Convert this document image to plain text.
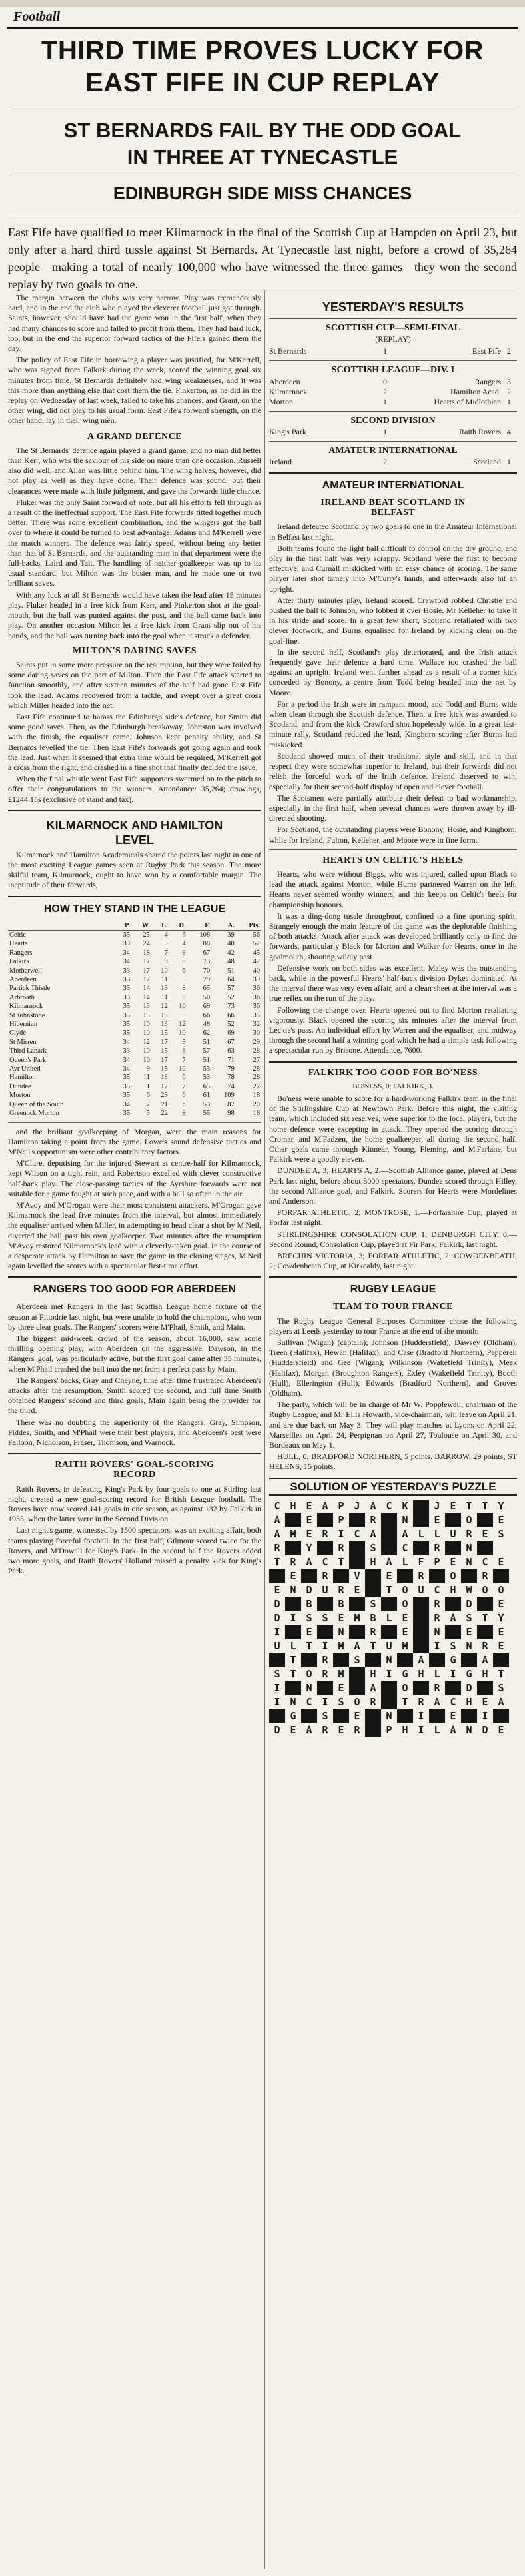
Football
THIRD TIME PROVES LUCKY FOR
EAST FIFE IN CUP REPLAY
ST BERNARDS FAIL BY THE ODD GOAL
IN THREE AT TYNECASTLE
EDINBURGH SIDE MISS CHANCES
East Fife have qualified to meet Kilmarnock in the final of the Scottish Cup at Hampden on April 23, but only after a hard third tussle against St Bernards. At Tynecastle last night, before a crowd of 35,264 people—making a total of nearly 100,000 who have witnessed the three games—they won the second replay by two goals to one.

The margin between the clubs was very narrow. Play was tremendously hard, and in the end the club who played the cleverer football just got through. Saints, however, should have had the game won in the first half, when they had many chances to score and failed to profit from them. They had hard luck, too, but in the end the superior forward tactics of the Fifers gained them the day.

The policy of East Fife in borrowing a player was justified, for M'Kerrell, who was signed from Falkirk during the week, scored the winning goal six minutes from time. St Bernards definitely had wing weaknesses, and it was this more than anything else that cost them the tie. Finkerton, as he did in the replay on Wednesday of last week, failed to take his chances, and Grant, on the other wing, did not play to his usual form. East Fife's forward strength, on the other hand, lay in their wing men.

A GRAND DEFENCE

The St Bernards' defence again played a grand game, and no man did better than Kerr, who was the saviour of his side on more than one occasion. Russell also did well, and Allan was little behind him. The wing halves, however, did not play as well as they have done. Their defence was sound, but their clearances were made with little judgment, and gave the forwards little chance.

Fluker was the only Saint forward of note, but all his efforts fell through as a result of the ineffectual support. The East Fife forwards fitted together much better. There was some excellent combination, and the wingers got the ball over to where it could be turned to best advantage. Adams and M'Kerrell were the match winners. The defence was fairly speed, without being any better than that of St Bernards, and the outstanding man in that department were the full-backs, Laird and Tait. The handling of neither goalkeeper was up to its usual standard, but Milton was the busier man, and he made one or two brilliant saves.

With any luck at all St Bernards would have taken the lead after 15 minutes play. Fluker headed in a free kick from Kerr, and Pinkerton shot at the goal-mouth, but the ball was punted against the post, and the ball came back into play. On another occasion Milton let a free kick from Grant slip out of his hands, and the ball was turning back into the goal when it struck a defender.

MILTON'S DARING SAVES

Saints put in some more pressure on the resumption, but they were foiled by some daring saves on the part of Milton. Then the East Fife attack started to function smoothly, and after sixteen minutes of the half had gone East Fife took the lead. Adams recovered from a tackle, and swept over a great cross which Miller headed into the net.

East Fife continued to harass the Edinburgh side's defence, but Smith did some good saves. Then, as the Edinburgh breakaway, Johnston was involved with the finish, the equaliser came. Johnson kept penalty ability, and St Bernards levelled the tie. Then East Fife's forwards got going again and took the lead. Just when it seemed that extra time would be required, M'Kerrell got a cross from the right, and crashed in a fine shot that finally decided the issue.

When the final whistle went East Fife supporters swarmed on to the pitch to offer their congratulations to the winners. Attendance: 35,264; drawings, £1244 15s (exclusive of stand and tax).

KILMARNOCK AND HAMILTON
LEVEL

Kilmarnock and Hamilton Academicals shared the points last night in one of the most exciting League games seen at Rugby Park this season. The more skilful team, Kilmarnock, ought to have won by a comfortable margin. The ineptitude of their forwards,

HOW THEY STAND IN THE LEAGUE
	P.	W.	L.	D.	F.	A.	Pts.
Celtic	35	25	4	6	108	39	56
Hearts	33	24	5	4	88	40	52
Rangers	34	18	7	9	67	42	45
Falkirk	34	17	9	8	73	48	42
Motherwell	33	17	10	6	70	51	40
Aberdeen	33	17	11	5	79	64	39
Partick Thistle	35	14	13	8	65	57	36
Arbroath	33	14	11	8	50	52	36
Kilmarnock	35	13	12	10	69	73	36
St Johnstone	35	15	15	5	66	66	35
Hibernian	35	10	13	12	48	52	32
Clyde	35	10	15	10	62	69	30
St Mirren	34	12	17	5	51	67	29
Third Lanark	33	10	15	8	57	63	28
Queen's Park	34	10	17	7	51	71	27
Ayr United	34	9	15	10	53	79	28
Hamilton	35	11	18	6	53	78	28
Dundee	35	11	17	7	65	74	27
Morton	35	6	23	6	61	109	18
Queen of the South	34	7	21	6	53	87	20
Greenock Morton	35	5	22	8	55	98	18

and the brilliant goalkeeping of Morgan, were the main reasons for Hamilton taking a point from the game. Lowe's sound defensive tactics and M'Neil's opportunism were other contributory factors.

M'Clure, deputising for the injured Stewart at centre-half for Kilmarnock, kept Wilson on a tight rein, and Robertson excelled with clever constructive half-back play. The close-passing tactics of the Ayrshire forwards were not suitable for a game fought at such pace, and with a ball so often in the air.

M'Avoy and M'Grogan were their most consistent attackers. M'Grogan gave Kilmarnock the lead five minutes from the interval, but almost immediately the equaliser arrived when Miller, in attempting to head clear a shot by M'Neil, diverted the ball past his own goalkeeper. Two minutes after the resumption M'Avoy restored Kilmarnock's lead with a cleverly-taken goal. In the course of a desperate attack by Hamilton to save the game in the closing stages, M'Neil again levelled the scores with a spectacular first-time effort.

RANGERS TOO GOOD FOR ABERDEEN

Aberdeen met Rangers in the last Scottish League home fixture of the season at Pittodrie last night, but were unable to hold the champions, who won by three clear goals. The Rangers' scorers were M'Phail, Smith, and Main.

The biggest mid-week crowd of the season, about 16,000, saw some thrilling opening play, with Aberdeen on the aggressive. Dawson, in the Rangers' goal, was particularly active, but the first goal came after 35 minutes, when M'Phail crashed the ball into the net from a perfect pass by Main.

The Rangers' backs, Gray and Cheyne, time after time frustrated Aberdeen's attacks after the resumption. Smith scored the second, and full time Smith obtained Rangers' second and third goals, Main again being the provider for the third.

There was no doubting the superiority of the Rangers. Gray, Simpson, Fiddes, Smith, and M'Phail were their best players, and Aberdeen's best were Falloon, Nicholson, Fraser, Thomson, and Warnock.

RAITH ROVERS' GOAL-SCORING
RECORD

Raith Rovers, in defeating King's Park by four goals to one at Stirling last night, created a new goal-scoring record for British League football. The Rovers have now scored 141 goals in one season, as against 132 by Falkirk in 1935, when the latter were in the Second Division.

Last night's game, witnessed by 1500 spectators, was an exciting affair, both teams playing forceful football. In the first half, Gilmour scored twice for the Rovers, and M'Dowall for King's Park. In the second half the Rovers added two more goals, and Raith Rovers' Holland missed a penalty kick for King's Park.

YESTERDAY'S RESULTS
SCOTTISH CUP—SEMI-FINAL
(REPLAY)
St Bernards	1	East Fife 2
SCOTTISH LEAGUE—DIV. I
Aberdeen	0	Rangers 3
Kilmarnock	2	Hamilton Acad. 2
Morton	1	Hearts of Midlothian 1
SECOND DIVISION
King's Park	1	Raith Rovers 4
AMATEUR INTERNATIONAL
Ireland	2	Scotland 1
AMATEUR INTERNATIONAL
IRELAND BEAT SCOTLAND IN
BELFAST

Ireland defeated Scotland by two goals to one in the Amateur International in Belfast last night.

Both teams found the light ball difficult to control on the dry ground, and play in the first half was very scrappy. Scotland were the first to become effective, and Curnall miskicked with an easy chance of scoring. The same player later shot tamely into M'Curry's hands, and afterwards also hit an upright.

After thirty minutes play, Ireland scored. Crawford robbed Christie and pushed the ball to Johnson, who lobbed it over Hosie. Mr Kelleher to take it in his stride and score. In a great few short, Scotland retaliated with two clever footwork, and Burns equalised for Ireland by kicking clear on the goal-line.

In the second half, Scotland's play deteriorated, and the Irish attack frequently gave their defence a hard time. Wallace too crashed the ball against an upright. Ireland went further ahead as a result of a corner kick conceded by Bonony, a centre from Todd being headed into the net by Moore.

For a period the Irish were in rampant mood, and Todd and Burns wide when clean through the Scottish defence. Then, a free kick was awarded to Scotland, and from the kick Crawford shot hopelessly wide. In a great last-minute rally, Scotland reduced the lead, Kinghorn scoring after Burns had miskicked.

Scotland showed much of their traditional style and skill, and in that respect they were somewhat superior to Ireland, but their forwards did not relish the forceful work of the Irish defence. Ireland deserved to win, especially for their second-half display of open and clever football.

The Scotsmen were partially attribute their defeat to bad workmanship, especially in the first half, when several chances were thrown away by ill-directed shooting.

For Scotland, the outstanding players were Bonony, Hosie, and Kinghorn; while for Ireland, Fulton, Kelleher, and Moore were in fine form.

HEARTS ON CELTIC'S HEELS

Hearts, who were without Biggs, who was injured, called upon Black to lead the attack against Morton, while Hume partnered Warren on the left. Hearts never seemed worthy winners, and this keeps on Celtic's heels for championship honours.

It was a ding-dong tussle throughout, confined to a fine sporting spirit. Strangely enough the main feature of the game was the deplorable finishing of both attacks. Attack after attack was developed brilliantly only to find the forwards, particularly Black for Morton and Walker for Hearts, once in the goalmouth, shooting wildly past.

Defensive work on both sides was excellent. Maley was the outstanding back, while in the powerful Hearts' half-back division Dykes dominated. At the interval there was very even affair, and a clean sheet at the interval was a true reflex on the run of the play.

Following the change over, Hearts opened out to find Morton retaliating vigorously. Black opened the scoring six minutes after the interval from Leckie's pass. An individual effort by Warren and the equaliser, and midway through the second half a winning goal which he had a simple task following a spectacular run by Brisone. Attendance, 7600.

FALKIRK TOO GOOD FOR BO'NESS
BO'NESS, 0; FALKIRK, 3.

Bo'ness were unable to score for a hard-working Falkirk team in the final of the Stirlingshire Cup at Newtown Park. Before this night, the visiting team, which included six reserves, were superior to the local players, but the home defence were excepting in attack. They opened the scoring through Cromar, and M'Fadzen, the home goalkeeper, all during the second half. Other goals came through Kinnear, Young, Fleming, and M'Farlane, but Falkirk were a goodly eleven.

DUNDEE A, 3; HEARTS A, 2.—Scottish Alliance game, played at Dens Park last night, before about 3000 spectators. Dundee scored through Hilley, the second Alliance goal, and Falkirk. Scorers for Hearts were Mordelines and Anderson.

FORFAR ATHLETIC, 2; MONTROSE, 1.—Forfarshire Cup, played at Forfar last night.

STIRLINGSHIRE CONSOLATION CUP, 1; DENBURGH CITY, 0.—Second Round, Consolation Cup, played at Fir Park, Falkirk, last night.

BRECHIN VICTORIA, 3; FORFAR ATHLETIC, 2. COWDENBEATH, 2; Cowdenbeath Cup, at Kirkcaldy, last night.

RUGBY LEAGUE
TEAM TO TOUR FRANCE

The Rugby League General Purposes Committee chose the following players at Leeds yesterday to tour France at the end of the month:—

Sullivan (Wigan) (captain); Johnson (Huddersfield), Dawsey (Oldham), Treen (Halifax), Hewan (Halifax), and Case (Bradford Northern), Pepperell (Huddersfield) and Gee (Wigan); Wilkinson (Wakefield Trinity), Meek (Halifax), Morgan (Broughton Rangers), Exley (Wakefield Trinity), Booth (Hull), Ellerington (Hull), Edwards (Bradford Northern), and Groves (Oldham).

The party, which will be in charge of Mr W. Popplewell, chairman of the Rugby League, and Mr Ellis Howarth, vice-chairman, will leave on April 21, and are due back on May 3. They will play matches at Lyons on April 22, Marseilles on April 24, Perpignan on April 27, Toulouse on April 30, and Bordeaux on May 1.

HULL, 0; BRADFORD NORTHERN, 5 points. BARROW, 29 points; ST HELENS, 15 points.

SOLUTION OF YESTERDAY'S PUZZLE
C H E A P J A C K	J E T T Y
A	E	P	R	N	E	O	E
A M E R I C A	A L L U R E S
R	Y	R	S	C	R	N
T R A C T	H A L F P E N C E
E	R	V	E	R	O	R
E N D U R E	T O U C H W O O
D	B	B	S	O	R	D	E
D I S S E M B L E	R A S T Y
I	E	N	R	E	N	E	E
U L T I M A T U M	I S N R E
T	R	S	N	A	G	A
S T O R M	H I G H L I G H T
I	N	E	A	O	R	D	S
I N C I S O R	T R A C H E A
G	S	E	N	I	E	I
D E A R E R	P H I L A N D E
